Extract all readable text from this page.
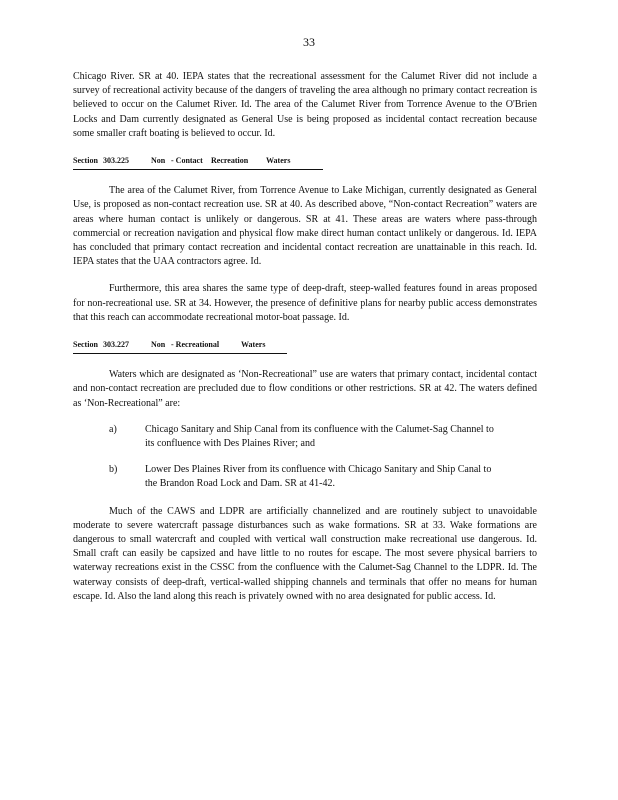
33

Chicago River. SR at 40. IEPA states that the recreational assessment for the Calumet River did not include a survey of recreational activity because of the dangers of traveling the area although no primary contact recreation is believed to occur on the Calumet River. Id. The area of the Calumet River from Torrence Avenue to the O'Brien Locks and Dam currently designated as General Use is being proposed as incidental contact recreation because some smaller craft boating is believed to occur. Id.

Section 303.225	Non - Contact Recreation Waters

The area of the Calumet River, from Torrence Avenue to Lake Michigan, currently designated as General Use, is proposed as non-contact recreation use. SR at 40. As described above, “Non-contact Recreation” waters are areas where human contact is unlikely or dangerous. SR at 41. These areas are waters where pass-through commercial or recreation navigation and physical flow make direct human contact unlikely or dangerous. Id. IEPA has concluded that primary contact recreation and incidental contact recreation are unattainable in this reach. Id. IEPA states that the UAA contractors agree. Id.

Furthermore, this area shares the same type of deep-draft, steep-walled features found in areas proposed for non-recreational use. SR at 34. However, the presence of definitive plans for nearby public access demonstrates that this reach can accommodate recreational motor-boat passage. Id.

Section 303.227	Non - Recreational	Waters

Waters which are designated as ‘Non-Recreational” use are waters that primary contact, incidental contact and non-contact recreation are precluded due to flow conditions or other restrictions. SR at 42. The waters defined as ‘Non-Recreational” are:

a)	Chicago Sanitary and Ship Canal from its confluence with the Calumet-Sag Channel to its confluence with Des Plaines River; and
b)	Lower Des Plaines River from its confluence with Chicago Sanitary and Ship Canal to the Brandon Road Lock and Dam. SR at 41-42.

Much of the CAWS and LDPR are artificially channelized and are routinely subject to unavoidable moderate to severe watercraft passage disturbances such as wake formations. SR at 33. Wake formations are dangerous to small watercraft and coupled with vertical wall construction make recreational use dangerous. Id. Small craft can easily be capsized and have little to no routes for escape. The most severe physical barriers to waterway recreations exist in the CSSC from the confluence with the Calumet-Sag Channel to the LDPR. Id. The waterway consists of deep-draft, vertical-walled shipping channels and terminals that offer no means for human escape. Id. Also the land along this reach is privately owned with no area designated for public access. Id.
